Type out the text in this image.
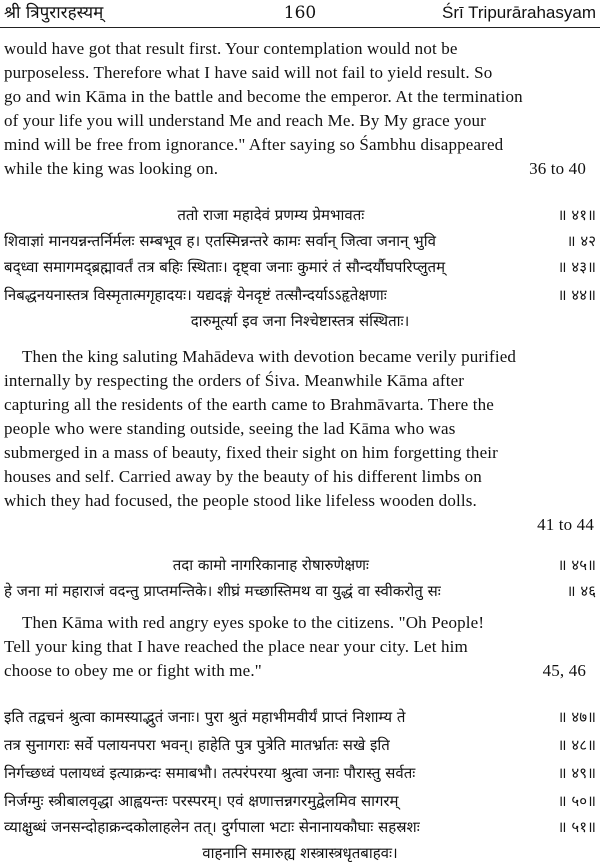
श्री त्रिपुरारहस्यम्	160	Śrī Tripurārahasyam
would have got that result first. Your contemplation would not be
purposeless. Therefore what I have said will not fail to yield result. So
go and win Kāma in the battle and become the emperor. At the termination
of your life you will understand Me and reach Me. By My grace your
mind will be free from ignorance." After saying so Śambhu disappeared
while the king was looking on.	36 to 40
ततो राजा महादेवं प्रणम्य प्रेमभावतः	॥ ४१॥
शिवाज्ञां मानयन्नन्तर्निर्मलः सम्बभूव ह। एतस्मिन्नन्तरे कामः सर्वान् जित्वा जनान् भुवि	॥ ४२
बद्ध्वा समागमद्ब्रह्मावर्तं तत्र बहिः स्थिताः। दृष्ट्वा जनाः कुमारं तं सौन्दर्यौघपरिप्लुतम्	॥ ४३॥
निबद्धनयनास्तत्र विस्मृतात्मगृहादयः। यद्यदङ्गं येनदृष्टं तत्सौन्दर्याऽऽहृतेक्षणाः	॥ ४४॥
दारुमूर्त्या इव जना निश्चेष्टास्तत्र संस्थिताः।
Then the king saluting Mahādeva with devotion became verily purified
internally by respecting the orders of Śiva. Meanwhile Kāma after
capturing all the residents of the earth came to Brahmāvarta. There the
people who were standing outside, seeing the lad Kāma who was
submerged in a mass of beauty, fixed their sight on him forgetting their
houses and self. Carried away by the beauty of his different limbs on
which they had focused, the people stood like lifeless wooden dolls.
41 to 44
तदा कामो नागरिकानाह रोषारुणेक्षणः	॥ ४५॥
हे जना मां महाराजं वदन्तु प्राप्तमन्तिके। शीघ्रं मच्छास्तिमथ वा युद्धं वा स्वीकरोतु सः	॥ ४६
Then Kāma with red angry eyes spoke to the citizens. "Oh People!
Tell your king that I have reached the place near your city. Let him
choose to obey me or fight with me."	45, 46
इति तद्वचनं श्रुत्वा कामस्याद्भुतं जनाः। पुरा श्रुतं महाभीमवीर्यं प्राप्तं निशाम्य ते	॥ ४७॥
तत्र सुनागराः सर्वे पलायनपरा भवन्। हाहेति पुत्र पुत्रेति मातर्भ्रातः सखे इति	॥ ४८॥
निर्गच्छध्वं पलायध्वं इत्याक्रन्दः समाबभौ। तत्परंपरया श्रुत्वा जनाः पौरास्तु सर्वतः	॥ ४९॥
निर्जग्मुः स्त्रीबालवृद्धा आह्वयन्तः परस्परम्। एवं क्षणात्तन्नगरमुद्वेलमिव सागरम्	॥ ५०॥
व्याक्षुब्धं जनसन्दोहाक्रन्दकोलाहलेन तत्। दुर्गपाला भटाः सेनानायकौघाः सहस्रशः	॥ ५१॥
वाहनानि समारुह्य शस्त्रास्त्रधृतबाहवः।
